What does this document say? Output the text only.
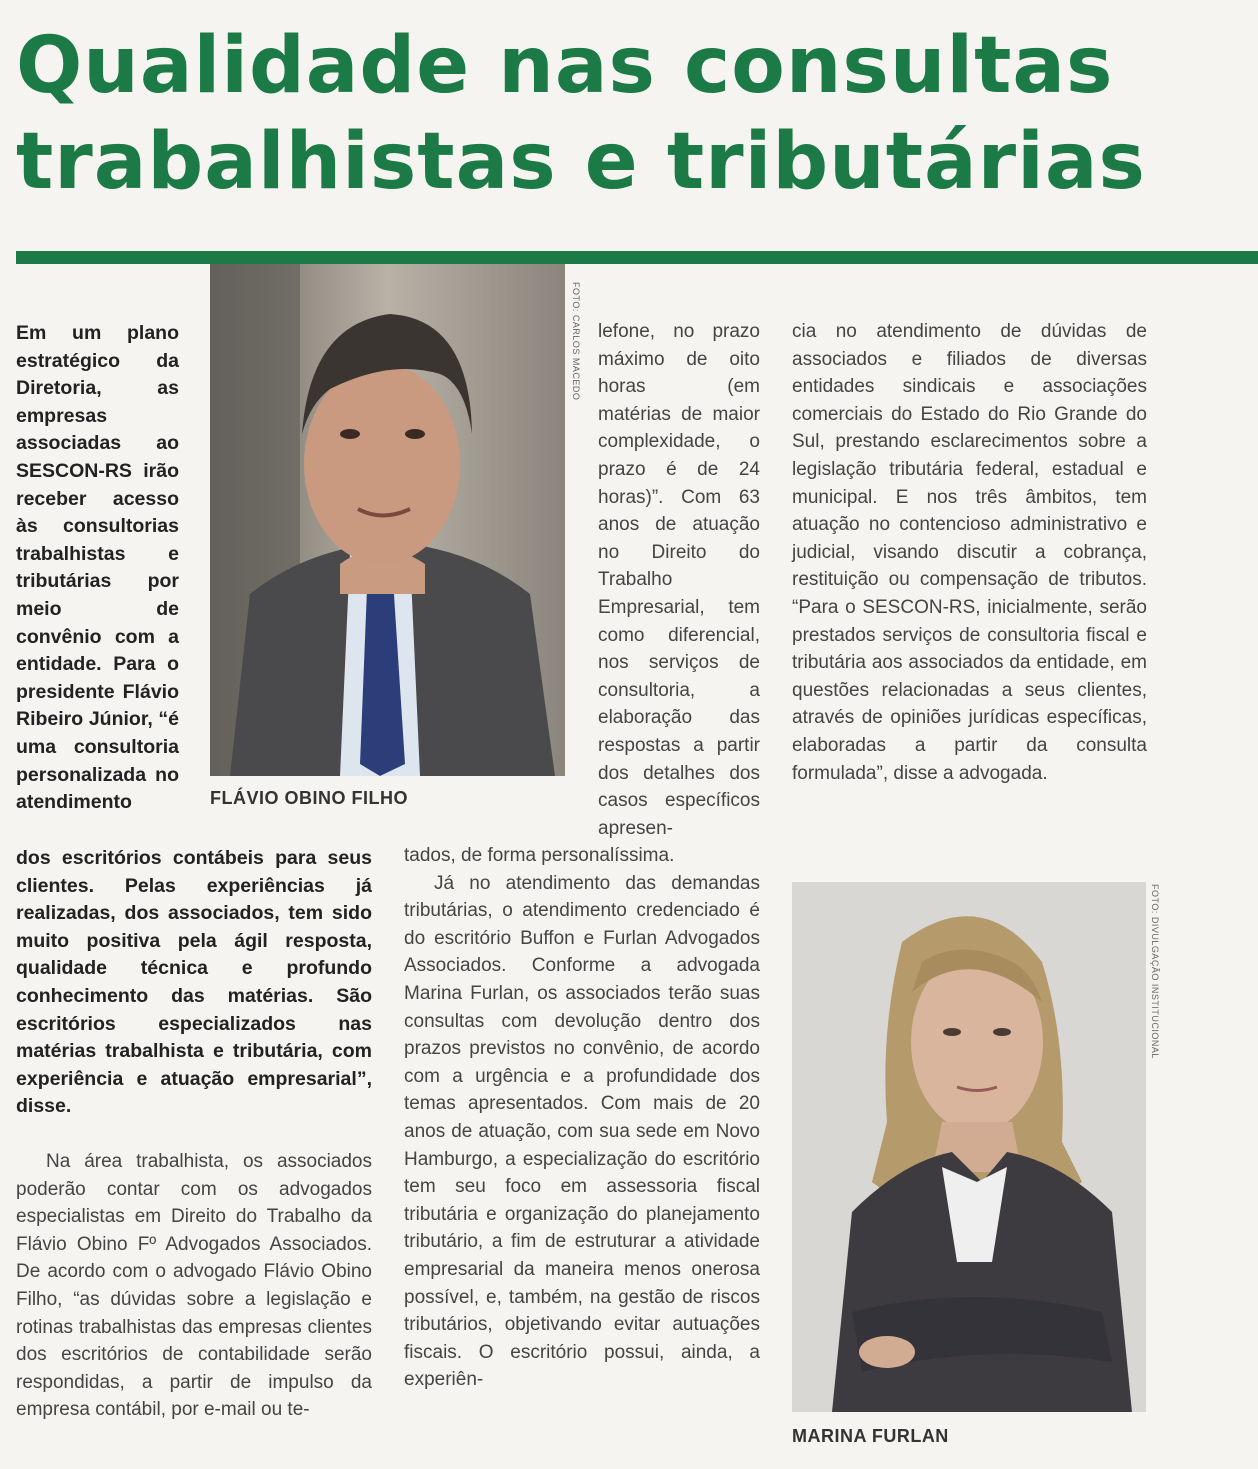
Qualidade nas consultas
trabalhistas e tributárias
FOTO: CARLOS MACEDO
FLÁVIO OBINO FILHO

Em um plano estratégico da Diretoria, as empresas associadas ao SESCON-RS irão receber acesso às consultorias trabalhistas e tributárias por meio de convênio com a entidade. Para o presidente Flávio Ribeiro Júnior, “é uma consultoria personalizada no atendimento

dos escritórios contábeis para seus clientes. Pelas experiências já realizadas, dos associados, tem sido muito positiva pela ágil resposta, qualidade técnica e profundo conhecimento das matérias. São escritórios especializados nas matérias trabalhista e tributária, com experiência e atuação empresarial”, disse.

Na área trabalhista, os associados poderão contar com os advogados especialistas em Direito do Trabalho da Flávio Obino Fº Advogados Associados. De acordo com o advogado Flávio Obino Filho, “as dúvidas sobre a legislação e rotinas trabalhistas das empresas clientes dos escritórios de contabilidade serão respondidas, a partir de impulso da empresa contábil, por e-mail ou te-

lefone, no prazo máximo de oito horas (em matérias de maior complexidade, o prazo é de 24 horas)”. Com 63 anos de atuação no Direito do Trabalho Empresarial, tem como diferencial, nos serviços de consultoria, a elaboração das respostas a partir dos detalhes dos casos específicos apresen-

tados, de forma personalíssima.

Já no atendimento das demandas tributárias, o atendimento credenciado é do escritório Buffon e Furlan Advogados Associados. Conforme a advogada Marina Furlan, os associados terão suas consultas com devolução dentro dos prazos previstos no convênio, de acordo com a urgência e a profundidade dos temas apresentados. Com mais de 20 anos de atuação, com sua sede em Novo Hamburgo, a especialização do escritório tem seu foco em assessoria fiscal tributária e organização do planejamento tributário, a fim de estruturar a atividade empresarial da maneira menos onerosa possível, e, também, na gestão de riscos tributários, objetivando evitar autuações fiscais. O escritório possui, ainda, a experiên-

cia no atendimento de dúvidas de associados e filiados de diversas entidades sindicais e associações comerciais do Estado do Rio Grande do Sul, prestando esclarecimentos sobre a legislação tributária federal, estadual e municipal. E nos três âmbitos, tem atuação no contencioso administrativo e judicial, visando discutir a cobrança, restituição ou compensação de tributos. “Para o SESCON-RS, inicialmente, serão prestados serviços de consultoria fiscal e tributária aos associados da entidade, em questões relacionadas a seus clientes, através de opiniões jurídicas específicas, elaboradas a partir da consulta formulada”, disse a advogada.

FOTO: DIVULGAÇÃO INSTITUCIONAL
MARINA FURLAN
